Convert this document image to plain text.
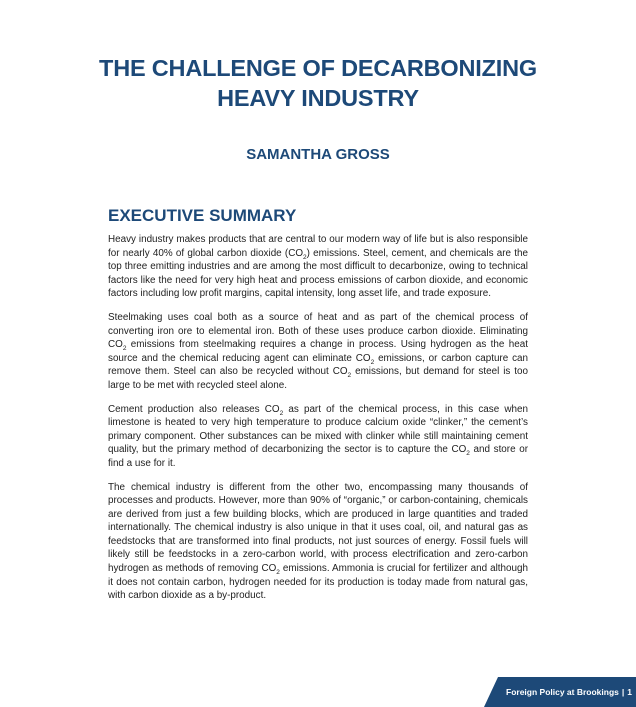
THE CHALLENGE OF DECARBONIZING
HEAVY INDUSTRY
SAMANTHA GROSS
EXECUTIVE SUMMARY

Heavy industry makes products that are central to our modern way of life but is also responsible for nearly 40% of global carbon dioxide $(CO_2)$ emissions. Steel, cement, and chemicals are the top three emitting industries and are among the most difficult to decarbonize, owing to technical factors like the need for very high heat and process emissions of carbon dioxide, and economic factors including low profit margins, capital intensity, long asset life, and trade exposure.

Steelmaking uses coal both as a source of heat and as part of the chemical process of converting iron ore to elemental iron. Both of these uses produce carbon dioxide. Eliminating $CO_2$ emissions from steelmaking requires a change in process. Using hydrogen as the heat source and the chemical reducing agent can eliminate $CO_2$ emissions, or carbon capture can remove them. Steel can also be recycled without $CO_2$ emissions, but demand for steel is too large to be met with recycled steel alone.

Cement production also releases $CO_2$ as part of the chemical process, in this case when limestone is heated to very high temperature to produce calcium oxide “clinker,” the cement’s primary component. Other substances can be mixed with clinker while still maintaining cement quality, but the primary method of decarbonizing the sector is to capture the $CO_2$ and store or find a use for it.

The chemical industry is different from the other two, encompassing many thousands of processes and products. However, more than 90% of “organic,” or carbon-containing, chemicals are derived from just a few building blocks, which are produced in large quantities and traded internationally. The chemical industry is also unique in that it uses coal, oil, and natural gas as feedstocks that are transformed into final products, not just sources of energy. Fossil fuels will likely still be feedstocks in a zero-carbon world, with process electrification and zero-carbon hydrogen as methods of removing $CO_2$ emissions. Ammonia is crucial for fertilizer and although it does not contain carbon, hydrogen needed for its production is today made from natural gas, with carbon dioxide as a by-product.

Foreign Policy at Brookings | 1
